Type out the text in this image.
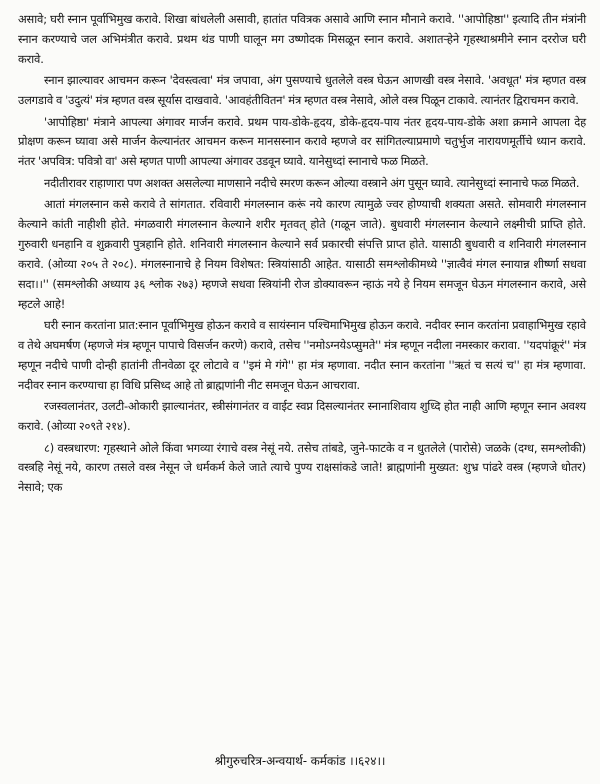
असावे; घरी स्नान पूर्वाभिमुख करावे. शिखा बांधलेली असावी, हातांत पवित्रक असावे आणि स्नान मौनाने करावे. ''आपोहिष्ठा'' इत्यादि तीन मंत्रांनी स्नान करण्याचे जल अभिमंत्रीत करावे. प्रथम थंड पाणी घालून मग उष्णोदक मिसळून स्नान करावे. अशातऱ्हेने गृहस्थाश्रमीने स्नान दररोज घरी करावे.

स्नान झाल्यावर आचमन करून 'देवस्त्वत्वा' मंत्र जपावा, अंग पुसण्याचे धुतलेले वस्त्र घेऊन आणखी वस्त्र नेसावे. 'अवधूत' मंत्र म्हणत वस्त्र उलगडावे व 'उदुत्यं' मंत्र म्हणत वस्त्र सूर्यास दाखवावे. 'आवहंतीवितन' मंत्र म्हणत वस्त्र नेसावे, ओले वस्त्र पिळून टाकावे. त्यानंतर द्विराचमन करावे.

'आपोहिष्ठा' मंत्राने आपल्या अंगावर मार्जन करावे. प्रथम पाय-डोके-हृदय, डोके-हृदय-पाय नंतर हृदय-पाय-डोके अशा क्रमाने आपला देह प्रोक्षण करून घ्यावा असे मार्जन केल्यानंतर आचमन करून मानसस्नान करावे म्हणजे वर सांगितल्याप्रमाणे चतुर्भुज नारायणमूर्तीचे ध्यान करावे. नंतर 'अपवित्र: पवित्रो वा' असे म्हणत पाणी आपल्या अंगावर उडवून घ्यावे. यानेसुध्दां स्नानाचे फळ मिळते.

नदीतीरावर राहाणारा पण अशक्त असलेल्या माणसाने नदीचे स्मरण करून ओल्या वस्त्राने अंग पुसून घ्यावे. त्यानेसुध्दां स्नानाचे फळ मिळते.

आतां मंगलस्नान कसे करावे ते सांगतात. रविवारी मंगलस्नान करूं नये कारण त्यामुळे ज्वर होण्याची शक्यता असते. सोमवारी मंगलस्नान केल्याने कांती नाहीशी होते. मंगळवारी मंगलस्नान केल्याने शरीर मृतवत् होते (गळून जाते). बुधवारी मंगलस्नान केल्याने लक्ष्मीची प्राप्ति होते. गुरुवारी धनहानि व शुक्रवारी पुत्रहानि होते. शनिवारी मंगलस्नान केल्याने सर्व प्रकारची संपत्ति प्राप्त होते. यासाठी बुधवारी व शनिवारी मंगलस्नान करावे. (ओव्या २०५ ते २०८). मंगलस्नानाचे हे नियम विशेषत: स्त्रियांसाठी आहेत. यासाठी समश्लोकीमध्ये ''ज्ञात्वैवं मंगल स्नायान्न शीर्ष्णा सधवा सदा।।'' (समश्लोकी अध्याय ३६ श्लोक २७३) म्हणजे सधवा स्त्रियांनी रोज डोक्यावरून न्हाऊं नये हे नियम समजून घेऊन मंगलस्नान करावे, असे म्हटले आहे!

घरी स्नान करतांना प्रात:स्नान पूर्वाभिमुख होऊन करावे व सायंस्नान पश्चिमाभिमुख होऊन करावे. नदीवर स्नान करतांना प्रवाहाभिमुख रहावे व तेथे अघमर्षण (म्हणजे मंत्र म्हणून पापाचे विसर्जन करणे) करावे, तसेच ''नमोऽग्नयेऽप्सुमते'' मंत्र म्हणून नदीला नमस्कार करावा. ''यदपांक्रूरं'' मंत्र म्हणून नदीचे पाणी दोन्ही हातांनी तीनवेळा दूर लोटावे व ''इमं मे गंगे'' हा मंत्र म्हणावा. नदीत स्नान करतांना ''ऋतं च सत्यं च'' हा मंत्र म्हणावा. नदीवर स्नान करण्याचा हा विधि प्रसिध्द आहे तो ब्राह्मणांनी नीट समजून घेऊन आचरावा.

रजस्वलानंतर, उलटी-ओकारी झाल्यानंतर, स्त्रीसंगानंतर व वाईट स्वप्न दिसल्यानंतर स्नानाशिवाय शुध्दि होत नाही आणि म्हणून स्नान अवश्य करावे. (ओव्या २०९ते २१४).

८) वस्त्रधारण: गृहस्थाने ओले किंवा भगव्या रंगाचे वस्त्र नेसूं नये. तसेच तांबडे, जुने-फाटके व न धुतलेले (पारोसे) जळके (दग्ध, समश्लोकी) वस्त्रहि नेसूं नये, कारण तसले वस्त्र नेसून जे धर्मकर्म केले जाते त्याचे पुण्य राक्षसांकडे जाते! ब्राह्मणांनी मुख्यत: शुभ्र पांढरे वस्त्र (म्हणजे धोतर) नेसावे; एक

श्रीगुरुचरित्र-अन्वयार्थ- कर्मकांड ।।६२४।।
